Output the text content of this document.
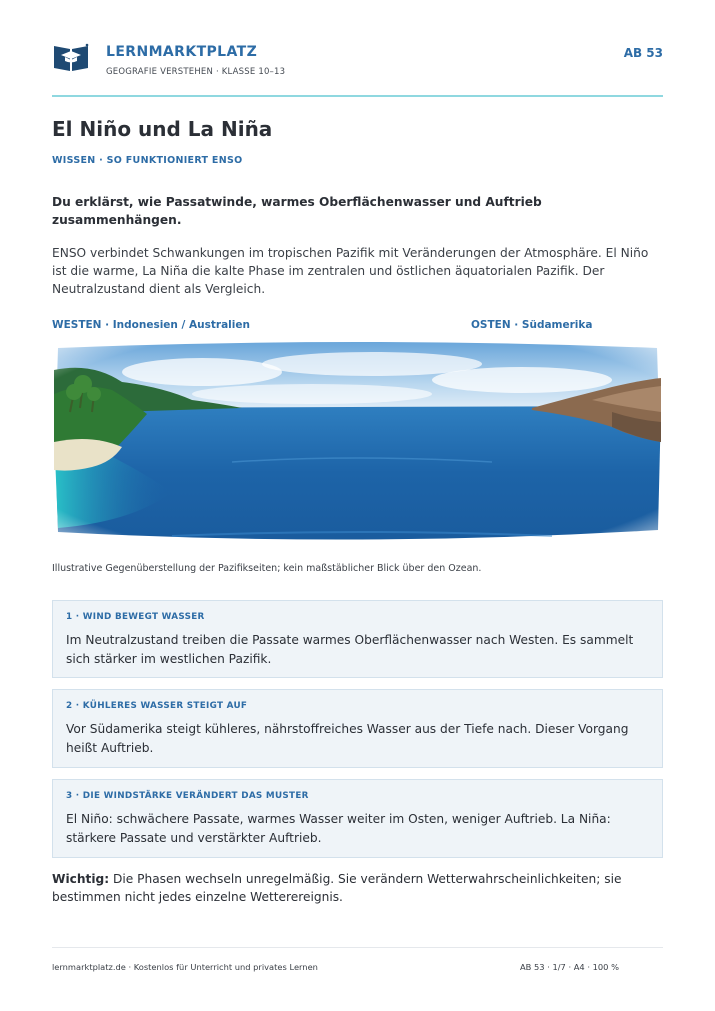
LERNMARKTPLATZ
GEOGRAFIE VERSTEHEN · KLASSE 10–13
AB 53
El Niño und La Niña
WISSEN · SO FUNKTIONIERT ENSO

Du erklärst, wie Passatwinde, warmes Oberflächenwasser und Auftrieb zusammenhängen.

ENSO verbindet Schwankungen im tropischen Pazifik mit Veränderungen der Atmosphäre. El Niño ist die warme, La Niña die kalte Phase im zentralen und östlichen äquatorialen Pazifik. Der Neutralzustand dient als Vergleich.

WESTEN · Indonesien / Australien	OSTEN · Südamerika
Illustrative Gegenüberstellung der Pazifikseiten; kein maßstäblicher Blick über den Ozean.
1 · WIND BEWEGT WASSER
Im Neutralzustand treiben die Passate warmes Oberflächenwasser nach Westen. Es sammelt sich stärker im westlichen Pazifik.
2 · KÜHLERES WASSER STEIGT AUF
Vor Südamerika steigt kühleres, nährstoffreiches Wasser aus der Tiefe nach. Dieser Vorgang heißt Auftrieb.
3 · DIE WINDSTÄRKE VERÄNDERT DAS MUSTER
El Niño: schwächere Passate, warmes Wasser weiter im Osten, weniger Auftrieb. La Niña: stärkere Passate und verstärkter Auftrieb.

Wichtig: Die Phasen wechseln unregelmäßig. Sie verändern Wetterwahrscheinlichkeiten; sie bestimmen nicht jedes einzelne Wetterereignis.

lernmarktplatz.de · Kostenlos für Unterricht und privates Lernen	AB 53 · 1/7 · A4 · 100 %
